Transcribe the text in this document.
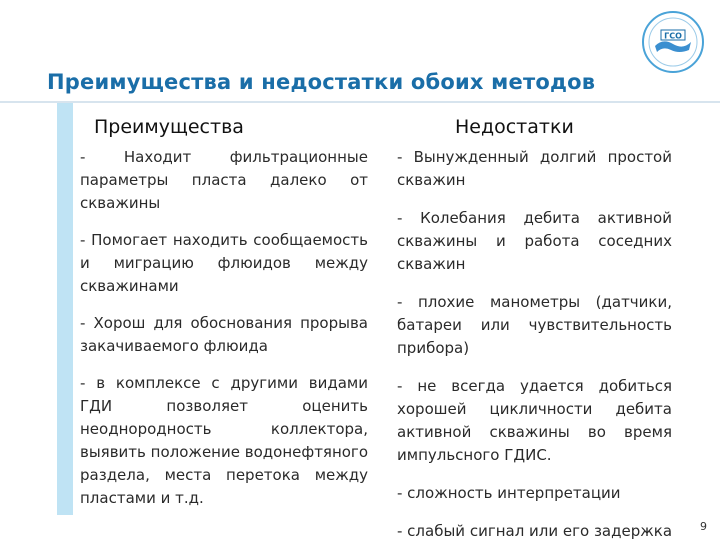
ГСО
Преимущества и недостатки обоих методов
Преимущества
- Находит фильтрационные параметры пласта далеко от скважины
- Помогает находить сообщаемость и миграцию флюидов между скважинами
- Хорош для обоснования прорыва закачиваемого флюида
- в комплексе с другими видами ГДИ позволяет оценить неоднородность коллектора, выявить положение водонефтяного раздела, места перетока между пластами и т.д.
Недостатки
- Вынужденный долгий простой скважин
- Колебания дебита активной скважины и работа соседних скважин
- плохие манометры (датчики, батареи или чувствительность прибора)
- не всегда удается добиться хорошей цикличности дебита активной скважины во время импульсного ГДИС.
- сложность интерпретации
- слабый сигнал или его задержка	9
